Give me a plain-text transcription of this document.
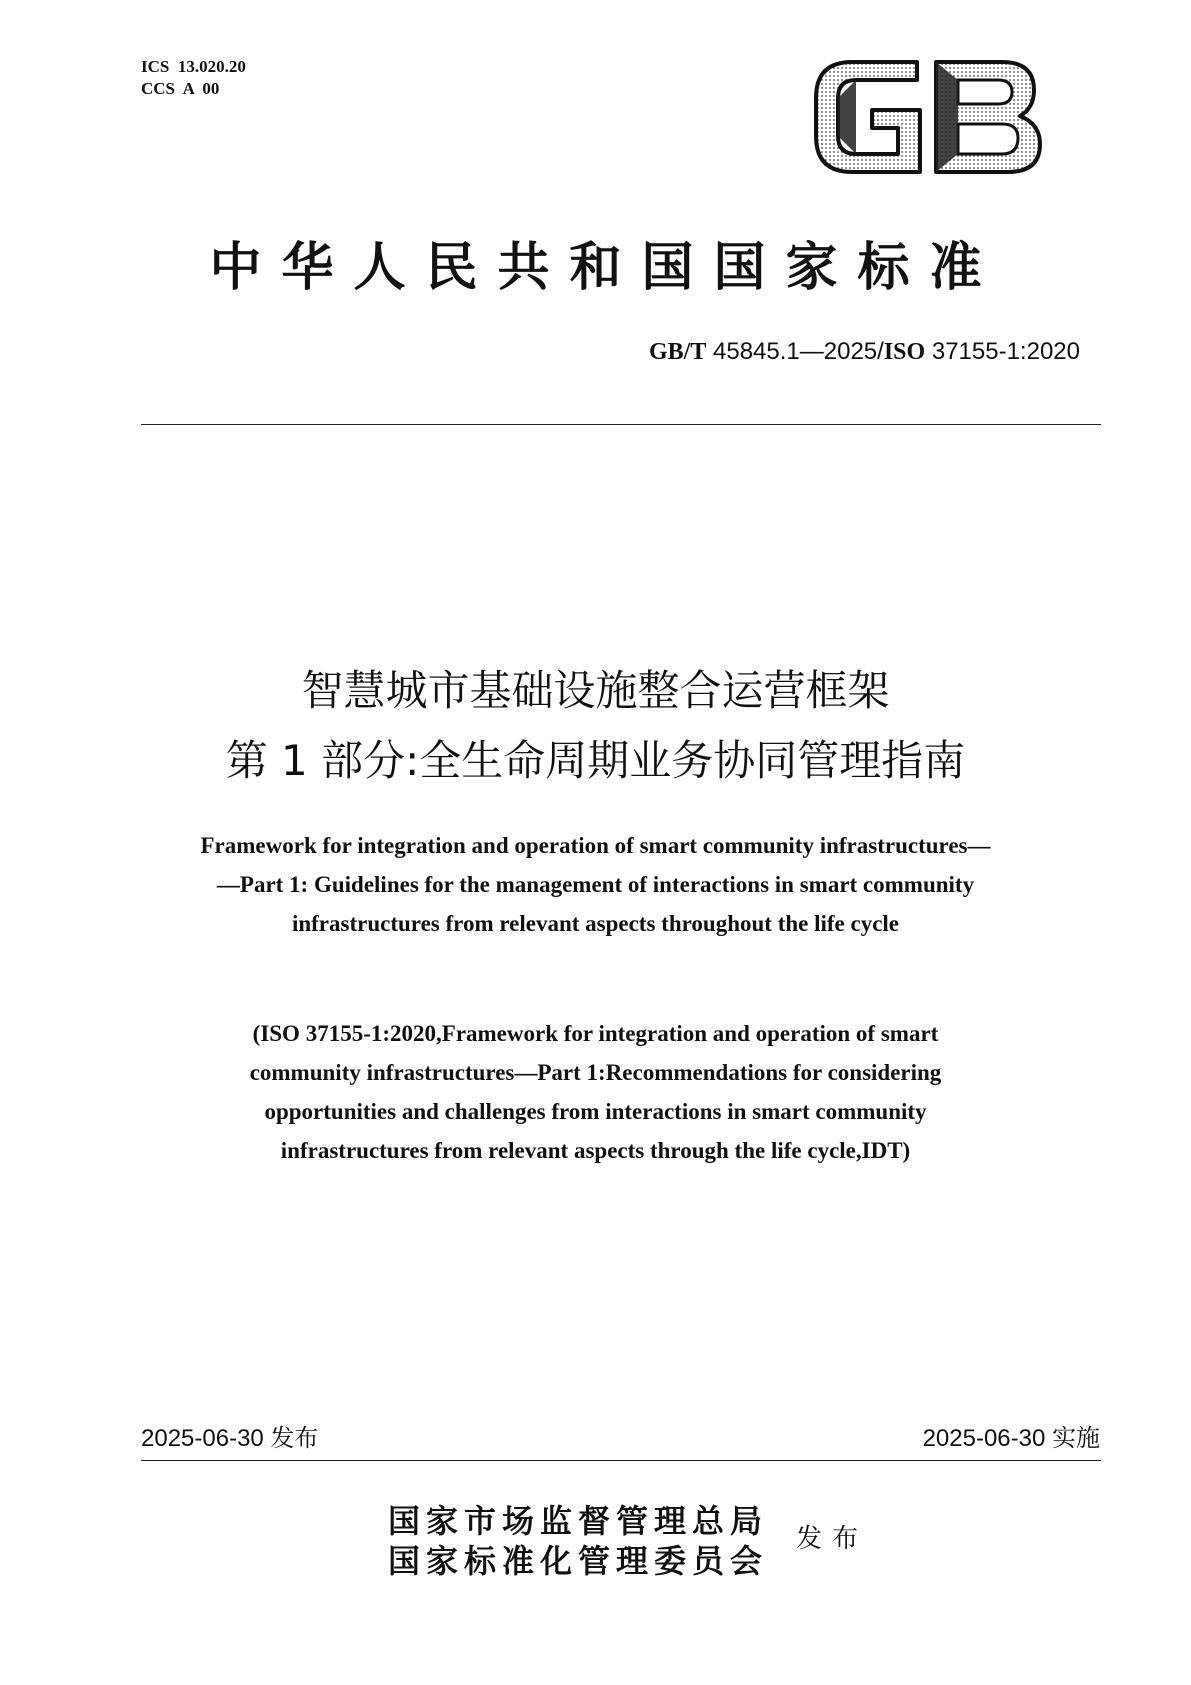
ICS  13.020.20
CCS  A  00
GB
中华人民共和国国家标准
GB/T 45845.1—2025/ISO 37155-1:2020
智慧城市基础设施整合运营框架
第 1 部分:全生命周期业务协同管理指南
Framework for integration and operation of smart community infrastructures—
—Part 1: Guidelines for the management of interactions in smart community
infrastructures from relevant aspects throughout the life cycle
(ISO 37155-1:2020,Framework for integration and operation of smart
community infrastructures—Part 1:Recommendations for considering
opportunities and challenges from interactions in smart community
infrastructures from relevant aspects through the life cycle,IDT)
2025-06-30 发布	2025-06-30 实施
国家市场监督管理总局
国家标准化管理委员会
发布
